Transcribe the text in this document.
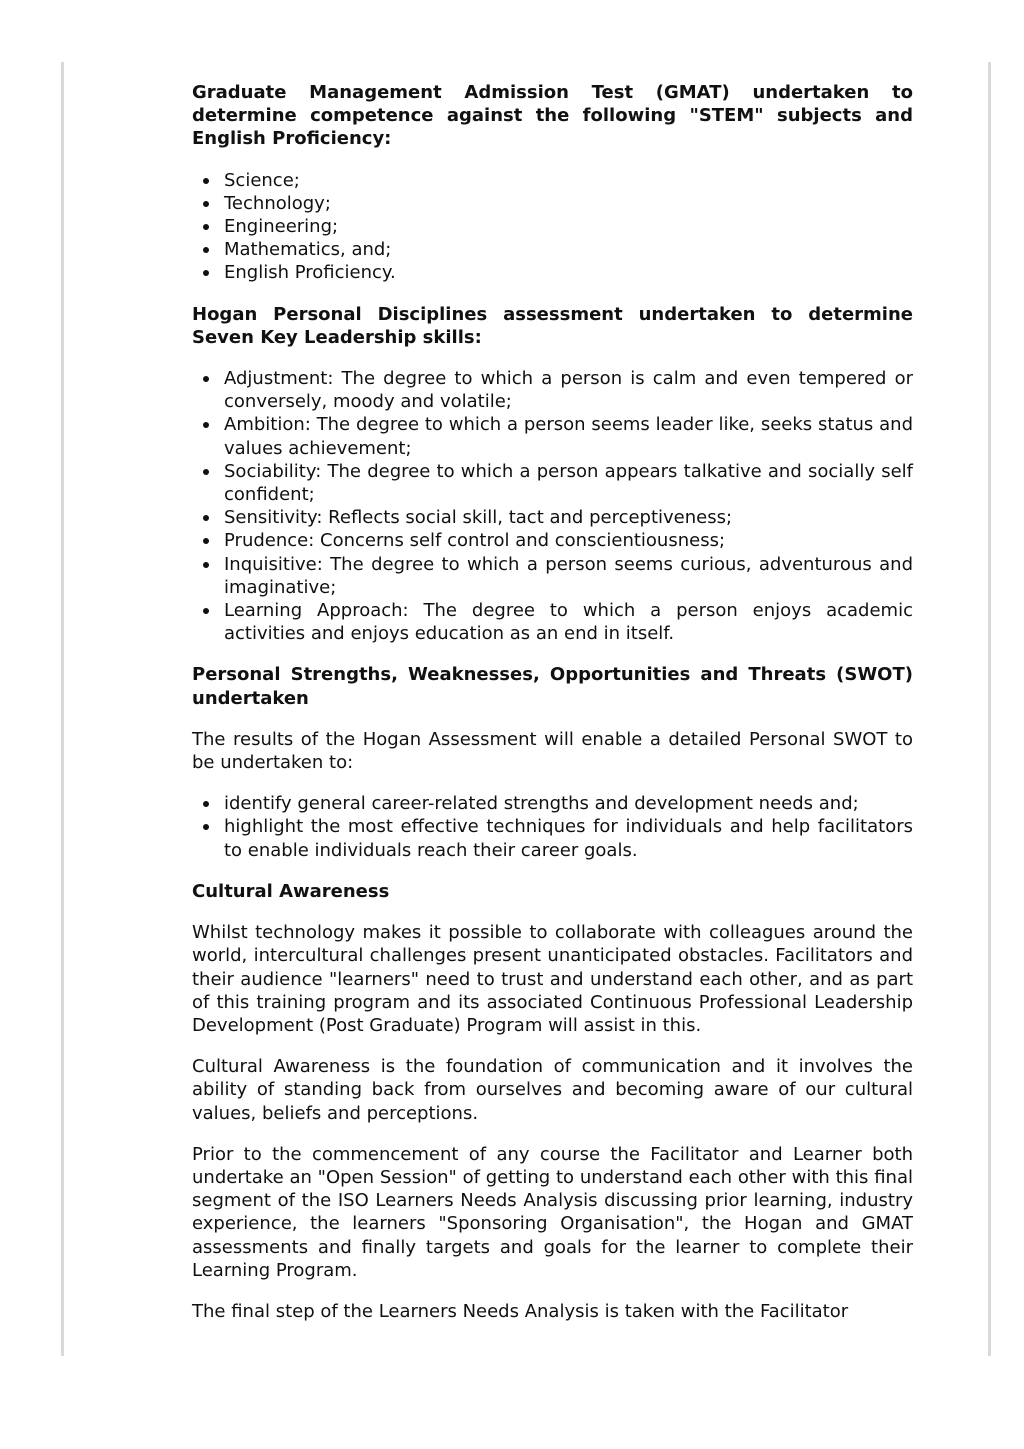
Graduate Management Admission Test (GMAT) undertaken to determine competence against the following "STEM" subjects and English Proficiency:
Science;
Technology;
Engineering;
Mathematics, and;
English Proficiency.
Hogan Personal Disciplines assessment undertaken to determine Seven Key Leadership skills:
Adjustment: The degree to which a person is calm and even tempered or conversely, moody and volatile;
Ambition: The degree to which a person seems leader like, seeks status and values achievement;
Sociability: The degree to which a person appears talkative and socially self confident;
Sensitivity: Reflects social skill, tact and perceptiveness;
Prudence: Concerns self control and conscientiousness;
Inquisitive: The degree to which a person seems curious, adventurous and imaginative;
Learning Approach: The degree to which a person enjoys academic activities and enjoys education as an end in itself.
Personal Strengths, Weaknesses, Opportunities and Threats (SWOT) undertaken

The results of the Hogan Assessment will enable a detailed Personal SWOT to be undertaken to:

identify general career-related strengths and development needs and;
highlight the most effective techniques for individuals and help facilitators to enable individuals reach their career goals.
Cultural Awareness

Whilst technology makes it possible to collaborate with colleagues around the world, intercultural challenges present unanticipated obstacles. Facilitators and their audience "learners" need to trust and understand each other, and as part of this training program and its associated Continuous Professional Leadership Development (Post Graduate) Program will assist in this.

Cultural Awareness is the foundation of communication and it involves the ability of standing back from ourselves and becoming aware of our cultural values, beliefs and perceptions.

Prior to the commencement of any course the Facilitator and Learner both undertake an "Open Session" of getting to understand each other with this final segment of the ISO Learners Needs Analysis discussing prior learning, industry experience, the learners "Sponsoring Organisation", the Hogan and GMAT assessments and finally targets and goals for the learner to complete their Learning Program.

The final step of the Learners Needs Analysis is taken with the Facilitator
